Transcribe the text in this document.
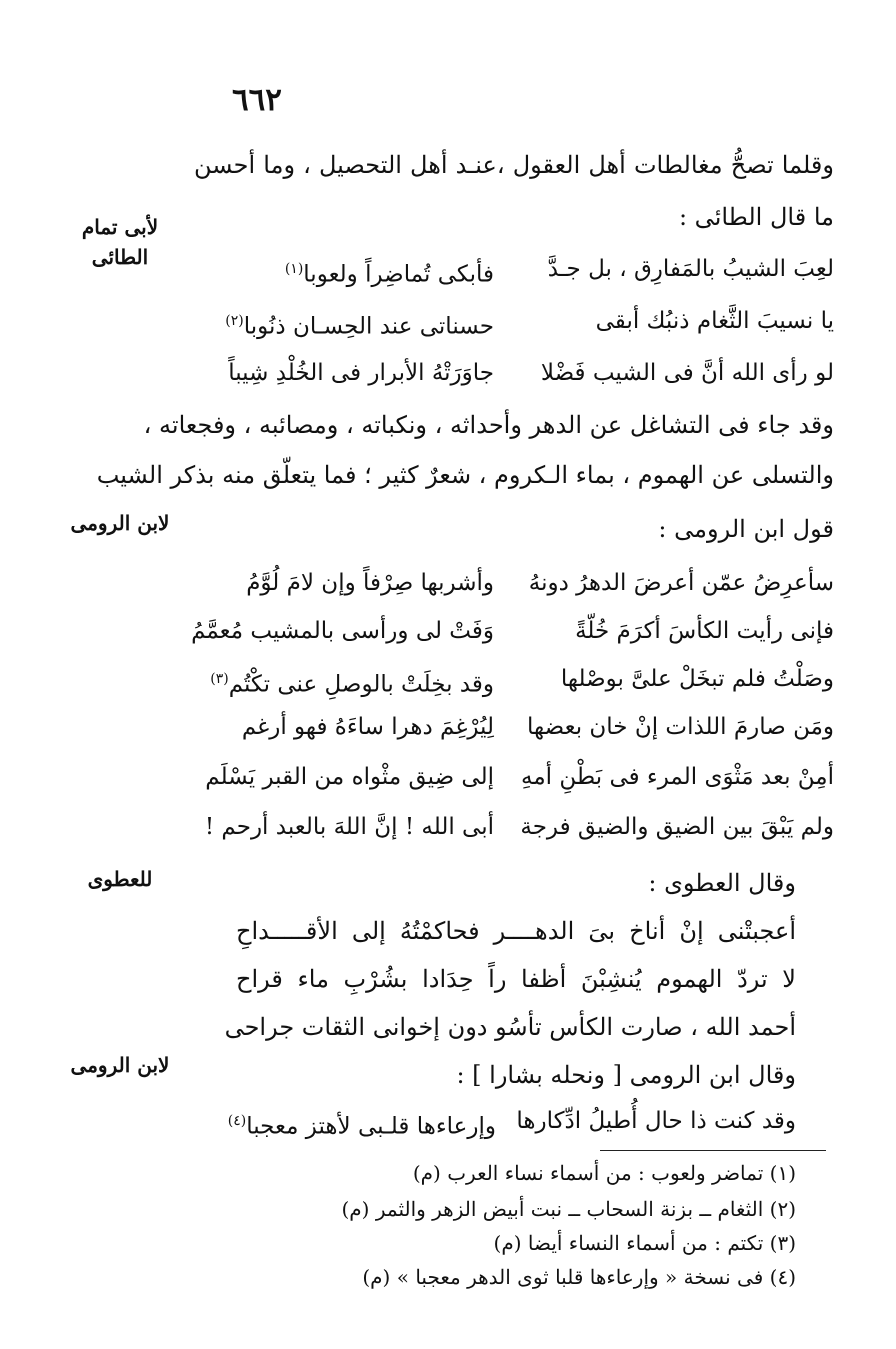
٦٦٢
وقلما تصحُّ مغالطات أهل العقول ،عنـد أهل التحصيل ، وما أحسن
ما قال الطائى :
لأبى تمام
الطائى	لعِبَ الشيبُ بالمَفارِق ، بل جـدَّ
فأبكى تُماضِراً ولعوبا$^{(١)}$
يا نسيبَ الثَّغام ذنبُك أبقى
حسناتى عند الحِسـان ذنُوبا$^{(٢)}$
لو رأى الله أنَّ فى الشيب فَضْلا
جاوَرَتْهُ الأبرار فى الخُلْدِ شِيباً
وقد جاء فى التشاغل عن الدهر وأحداثه ، ونكباته ، ومصائبه ، وفجعاته ،
والتسلى عن الهموم ، بماء الـكروم ، شعرٌ كثير ؛ فما يتعلّق منه بذكر الشيب
قول ابن الرومى :
لابن الرومى
سأعرِضُ عمّن أعرضَ الدهرُ دونهُ
وأشربها صِرْفاً وإن لامَ لُوَّمُ
فإنى رأيت الكأسَ أكرَمَ خُلّةً
وَفَتْ لى ورأسى بالمشيب مُعمَّمُ
وصَلْتُ فلم تبخَلْ علىَّ بوصْلها
وقد بخِلَتْ بالوصلِ عنى تكْتُم$^{(٣)}$
ومَن صارمَ اللذات إنْ خان بعضها
لِيُرْغِمَ دهرا ساءَهُ فهو أرغم
أمِنْ بعد مَثْوَى المرء فى بَطْنِ أمهِ
إلى ضِيق مثْواه من القبر يَسْلَم
ولم يَبْقَ بين الضيق والضيق فرجة
أبى الله ! إنَّ اللهَ بالعبد أرحم !
وقال العطوى :
للعطوى
أعجبتْنى إنْ أناخ بىَ الدهــــر فحاكمْتُهُ إلى الأقـــــداحِ
لا تردّ الهموم يُنشِبْنَ أظفا راً حِدَادا بشُرْبِ ماء قراح
أحمد الله ، صارت الكأس تأسُو دون إخوانى الثقات جراحى
وقال ابن الرومى [ ونحله بشارا ] :
لابن الرومى
وقد كنت ذا حال أُطيلُ ادِّكارها
وإرعاءها قلـبى لأهتز معجبا$^{(٤)}$
(١) تماضر ولعوب : من أسماء نساء العرب (م)
(٢) الثغام ــ بزنة السحاب ــ نبت أبيض الزهر والثمر (م)
(٣) تكتم : من أسماء النساء أيضا (م)
(٤) فى نسخة « وإرعاءها قلبا ثوى الدهر معجبا » (م)
